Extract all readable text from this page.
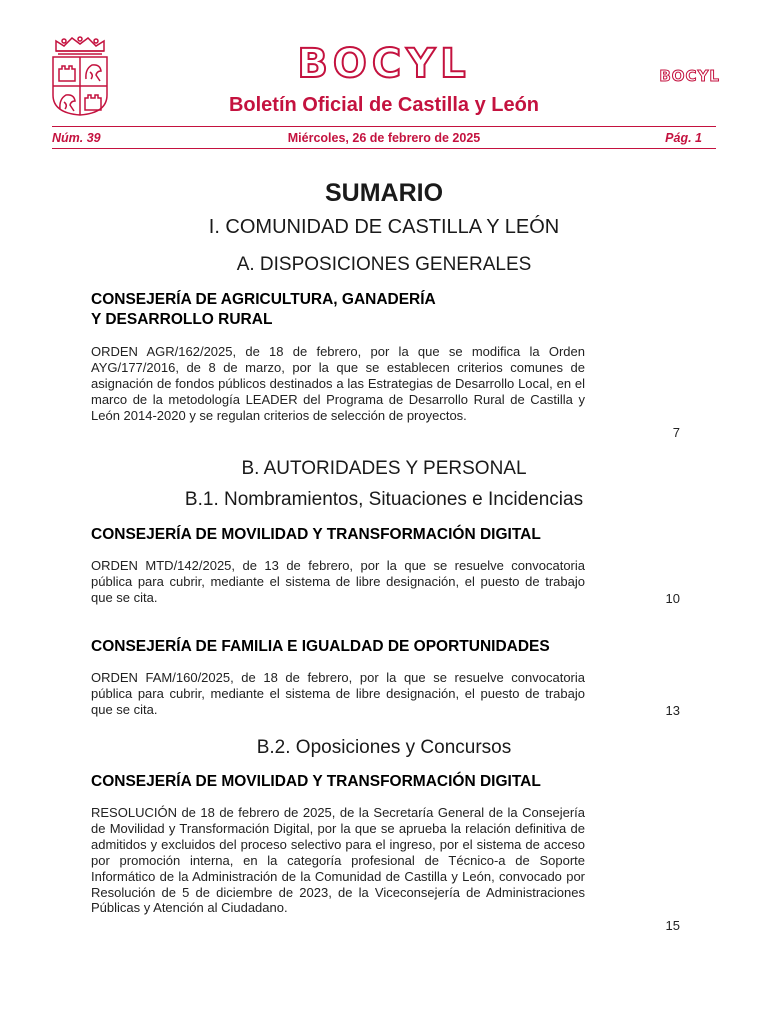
BOCYL	BOCYL
Boletín Oficial de Castilla y León
Núm. 39	Miércoles, 26 de febrero de 2025	Pág. 1
SUMARIO
I. COMUNIDAD DE CASTILLA Y LEÓN
A. DISPOSICIONES GENERALES
CONSEJERÍA DE AGRICULTURA, GANADERÍA
Y DESARROLLO RURAL
ORDEN AGR/162/2025, de 18 de febrero, por la que se modifica la Orden AYG/177/2016, de 8 de marzo, por la que se establecen criterios comunes de asignación de fondos públicos destinados a las Estrategias de Desarrollo Local, en el marco de la metodología LEADER del Programa de Desarrollo Rural de Castilla y León 2014-2020 y se regulan criterios de selección de proyectos.
7
B. AUTORIDADES Y PERSONAL
B.1. Nombramientos, Situaciones e Incidencias
CONSEJERÍA DE MOVILIDAD Y TRANSFORMACIÓN DIGITAL
ORDEN MTD/142/2025, de 13 de febrero, por la que se resuelve convocatoria pública para cubrir, mediante el sistema de libre designación, el puesto de trabajo que se cita.	10
CONSEJERÍA DE FAMILIA E IGUALDAD DE OPORTUNIDADES
ORDEN FAM/160/2025, de 18 de febrero, por la que se resuelve convocatoria pública para cubrir, mediante el sistema de libre designación, el puesto de trabajo que se cita.	13
B.2. Oposiciones y Concursos
CONSEJERÍA DE MOVILIDAD Y TRANSFORMACIÓN DIGITAL
RESOLUCIÓN de 18 de febrero de 2025, de la Secretaría General de la Consejería de Movilidad y Transformación Digital, por la que se aprueba la relación definitiva de admitidos y excluidos del proceso selectivo para el ingreso, por el sistema de acceso por promoción interna, en la categoría profesional de Técnico-a de Soporte Informático de la Administración de la Comunidad de Castilla y León, convocado por Resolución de 5 de diciembre de 2023, de la Viceconsejería de Administraciones Públicas y Atención al Ciudadano.
15
